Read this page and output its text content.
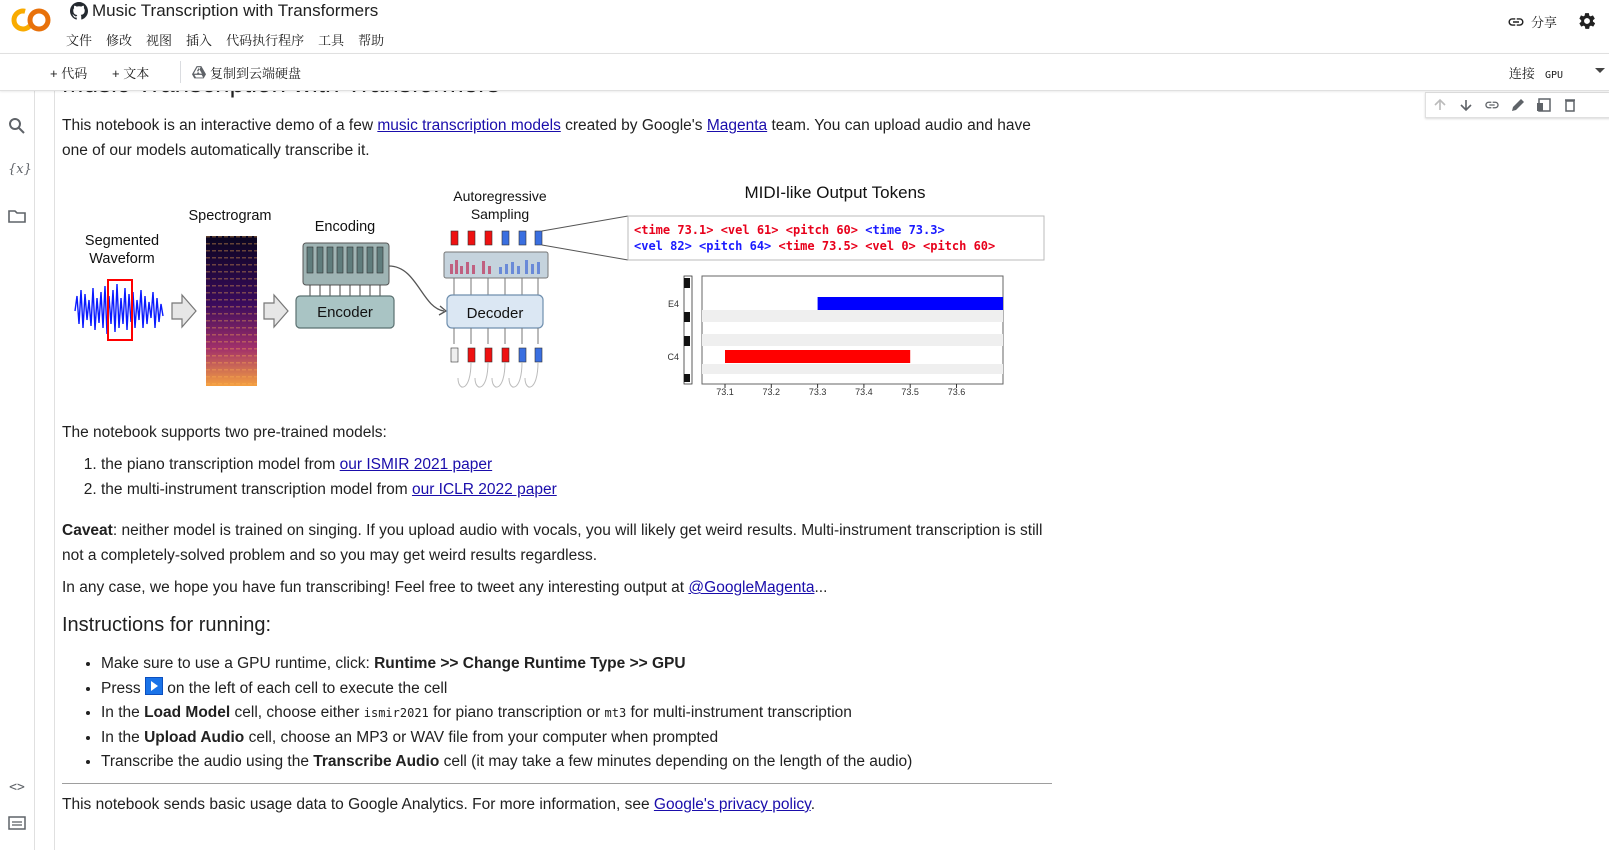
Music Transcription with Transformers
文件 修改 视图 插入 代码执行程序 工具 帮助
分享
+ 代码 + 文本	复制到云端硬盘	连接 GPU
{x}
<>

This notebook is an interactive demo of a few music transcription models created by Google's Magenta team. You can upload audio and have one of our models automatically transcribe it.

Segmented
Waveform
Spectrogram
Encoding
Encoder
Autoregressive
Sampling
Decoder
MIDI-like Output Tokens
<time 73.1> <vel 61> <pitch 60> <time 73.3>
<vel 82> <pitch 64> <time 73.5> <vel 0> <pitch 60>
E4
C4
73.1	73.2	73.3	73.4	73.5	73.6

The notebook supports two pre-trained models:

1. the piano transcription model from our ISMIR 2021 paper
2. the multi-instrument transcription model from our ICLR 2022 paper

Caveat: neither model is trained on singing. If you upload audio with vocals, you will likely get weird results. Multi-instrument transcription is still not a completely-solved problem and so you may get weird results regardless.

In any case, we hope you have fun transcribing! Feel free to tweet any interesting output at @GoogleMagenta...

Instructions for running:
• Make sure to use a GPU runtime, click: Runtime >> Change Runtime Type >> GPU
• Press  on the left of each cell to execute the cell
• In the Load Model cell, choose either ismir2021 for piano transcription or mt3 for multi-instrument transcription
• In the Upload Audio cell, choose an MP3 or WAV file from your computer when prompted
• Transcribe the audio using the Transcribe Audio cell (it may take a few minutes depending on the length of the audio)

This notebook sends basic usage data to Google Analytics. For more information, see Google's privacy policy.
